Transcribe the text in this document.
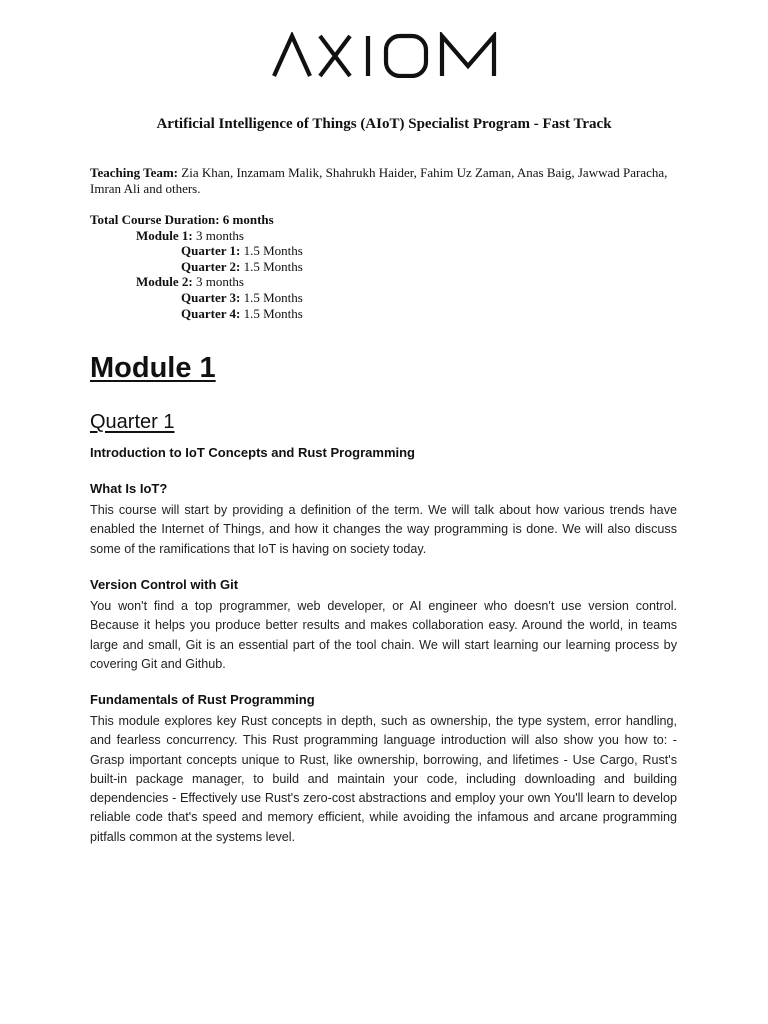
Artificial Intelligence of Things (AIoT) Specialist Program - Fast Track
Teaching Team: Zia Khan, Inzamam Malik, Shahrukh Haider, Fahim Uz Zaman, Anas Baig, Jawwad Paracha, Imran Ali and others.
Total Course Duration: 6 months
Module 1: 3 months
Quarter 1: 1.5 Months
Quarter 2: 1.5 Months
Module 2: 3 months
Quarter 3: 1.5 Months
Quarter 4: 1.5 Months
Module 1
Quarter 1
Introduction to IoT Concepts and Rust Programming
What Is IoT?
This course will start by providing a definition of the term. We will talk about how various trends have enabled the Internet of Things, and how it changes the way programming is done. We will also discuss some of the ramifications that IoT is having on society today.
Version Control with Git
You won't find a top programmer, web developer, or AI engineer who doesn't use version control. Because it helps you produce better results and makes collaboration easy. Around the world, in teams large and small, Git is an essential part of the tool chain. We will start learning our learning process by covering Git and Github.
Fundamentals of Rust Programming
This module explores key Rust concepts in depth, such as ownership, the type system, error handling, and fearless concurrency. This Rust programming language introduction will also show you how to: - Grasp important concepts unique to Rust, like ownership, borrowing, and lifetimes - Use Cargo, Rust's built-in package manager, to build and maintain your code, including downloading and building dependencies - Effectively use Rust's zero-cost abstractions and employ your own You'll learn to develop reliable code that's speed and memory efficient, while avoiding the infamous and arcane programming pitfalls common at the systems level.
